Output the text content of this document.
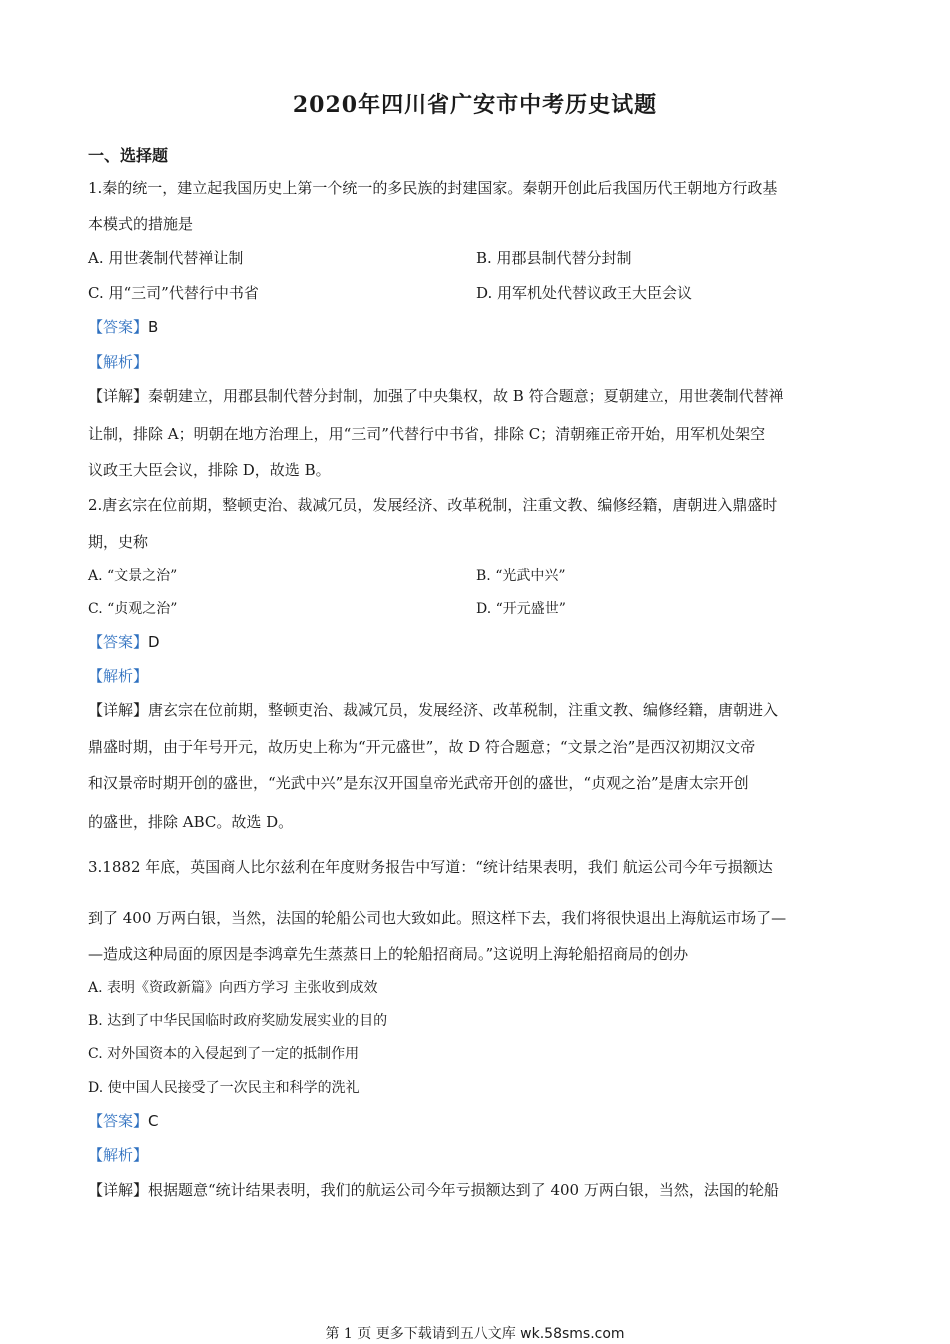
2020年四川省广安市中考历史试题
一、选择题
1.秦的统一，建立起我国历史上第一个统一的多民族的封建国家。秦朝开创此后我国历代王朝地方行政基
本模式的措施是
A. 用世袭制代替禅让制	B. 用郡县制代替分封制
C. 用“三司”代替行中书省	D. 用军机处代替议政王大臣会议
【答案】B
【解析】
【详解】秦朝建立，用郡县制代替分封制，加强了中央集权，故 B 符合题意；夏朝建立，用世袭制代替禅
让制，排除 A；明朝在地方治理上，用“三司”代替行中书省，排除 C；清朝雍正帝开始，用军机处架空
议政王大臣会议，排除 D，故选 B。
2.唐玄宗在位前期，整顿吏治、裁减冗员，发展经济、改革税制，注重文教、编修经籍，唐朝进入鼎盛时
期，史称
A. “文景之治”	B. “光武中兴”
C. “贞观之治”	D. “开元盛世”
【答案】D
【解析】
【详解】唐玄宗在位前期，整顿吏治、裁减冗员，发展经济、改革税制，注重文教、编修经籍，唐朝进入
鼎盛时期，由于年号开元，故历史上称为“开元盛世”，故 D 符合题意；“文景之治”是西汉初期汉文帝
和汉景帝时期开创的盛世，“光武中兴”是东汉开国皇帝光武帝开创的盛世，“贞观之治”是唐太宗开创
的盛世，排除 ABC。故选 D。
3.1882 年底，英国商人比尔兹利在年度财务报告中写道：“统计结果表明，我们 航运公司今年亏损额达
到了 400 万两白银，当然，法国的轮船公司也大致如此。照这样下去，我们将很快退出上海航运市场了—
—造成这种局面的原因是李鸿章先生蒸蒸日上的轮船招商局。”这说明上海轮船招商局的创办
A. 表明《资政新篇》向西方学习 主张收到成效
B. 达到了中华民国临时政府奖励发展实业的目的
C. 对外国资本的入侵起到了一定的抵制作用
D. 使中国人民接受了一次民主和科学的洗礼
【答案】C
【解析】
【详解】根据题意“统计结果表明，我们的航运公司今年亏损额达到了 400 万两白银，当然，法国的轮船
第 1 页 更多下载请到五八文库 wk.58sms.com
